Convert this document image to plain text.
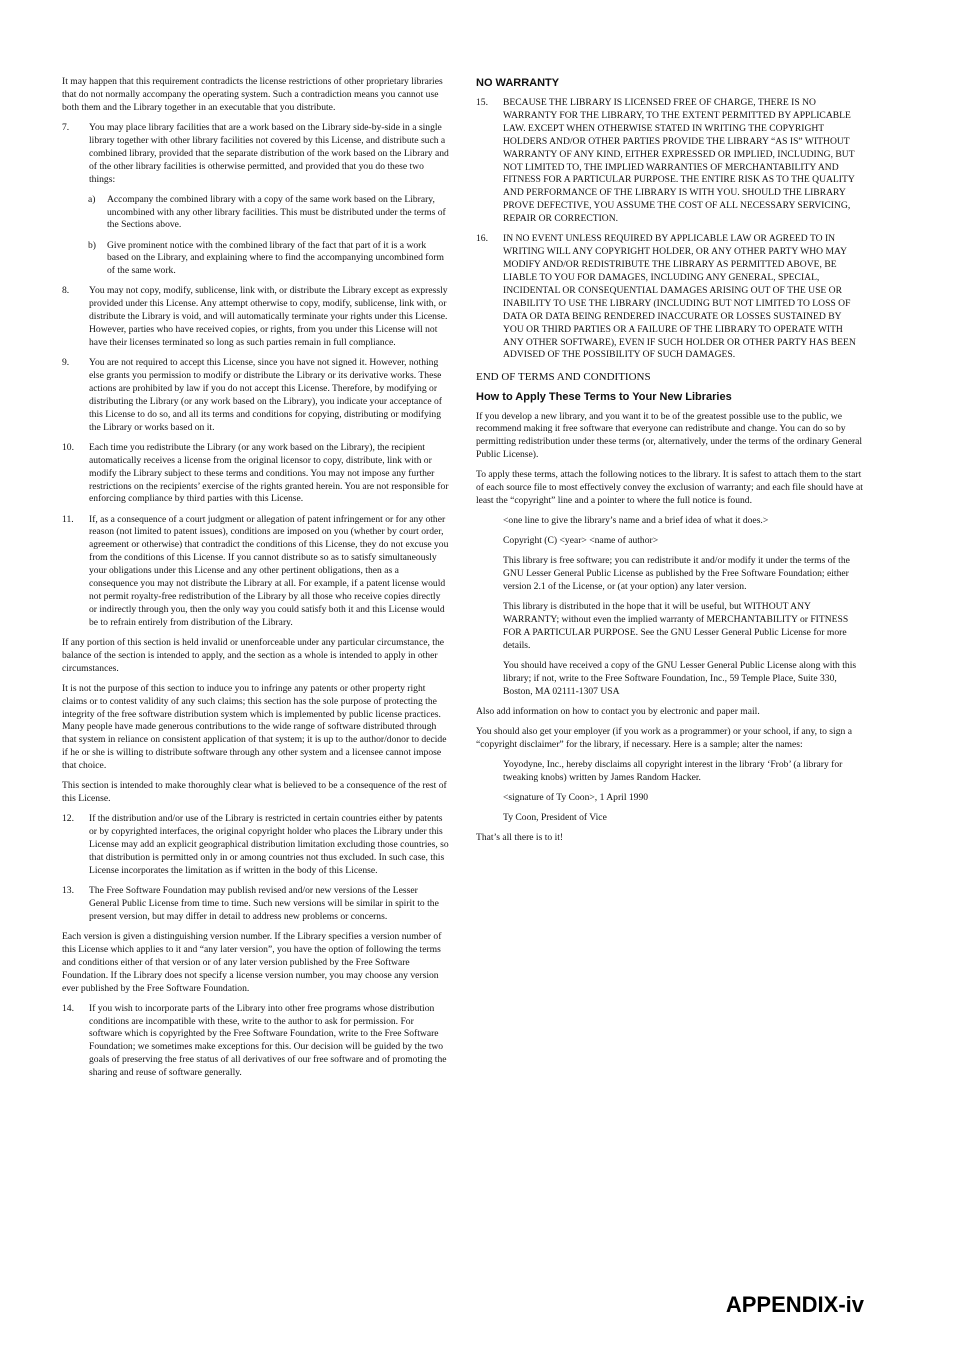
It may happen that this requirement contradicts the license restrictions of other proprietary libraries that do not normally accompany the operating system. Such a contradiction means you cannot use both them and the Library together in an executable that you distribute.

7.	You may place library facilities that are a work based on the Library side-by-side in a single library together with other library facilities not covered by this License, and distribute such a combined library, provided that the separate distribution of the work based on the Library and of the other library facilities is otherwise permitted, and provided that you do these two things:
a)	Accompany the combined library with a copy of the same work based on the Library, uncombined with any other library facilities. This must be distributed under the terms of the Sections above.
b)	Give prominent notice with the combined library of the fact that part of it is a work based on the Library, and explaining where to find the accompanying uncombined form of the same work.
8.	You may not copy, modify, sublicense, link with, or distribute the Library except as expressly provided under this License. Any attempt otherwise to copy, modify, sublicense, link with, or distribute the Library is void, and will automatically terminate your rights under this License. However, parties who have received copies, or rights, from you under this License will not have their licenses terminated so long as such parties remain in full compliance.
9.	You are not required to accept this License, since you have not signed it. However, nothing else grants you permission to modify or distribute the Library or its derivative works. These actions are prohibited by law if you do not accept this License. Therefore, by modifying or distributing the Library (or any work based on the Library), you indicate your acceptance of this License to do so, and all its terms and conditions for copying, distributing or modifying the Library or works based on it.
10.	Each time you redistribute the Library (or any work based on the Library), the recipient automatically receives a license from the original licensor to copy, distribute, link with or modify the Library subject to these terms and conditions. You may not impose any further restrictions on the recipients’ exercise of the rights granted herein. You are not responsible for enforcing compliance by third parties with this License.
11.	If, as a consequence of a court judgment or allegation of patent infringement or for any other reason (not limited to patent issues), conditions are imposed on you (whether by court order, agreement or otherwise) that contradict the conditions of this License, they do not excuse you from the conditions of this License. If you cannot distribute so as to satisfy simultaneously your obligations under this License and any other pertinent obligations, then as a consequence you may not distribute the Library at all. For example, if a patent license would not permit royalty-free redistribution of the Library by all those who receive copies directly or indirectly through you, then the only way you could satisfy both it and this License would be to refrain entirely from distribution of the Library.

If any portion of this section is held invalid or unenforceable under any particular circumstance, the balance of the section is intended to apply, and the section as a whole is intended to apply in other circumstances.

It is not the purpose of this section to induce you to infringe any patents or other property right claims or to contest validity of any such claims; this section has the sole purpose of protecting the integrity of the free software distribution system which is implemented by public license practices. Many people have made generous contributions to the wide range of software distributed through that system in reliance on consistent application of that system; it is up to the author/donor to decide if he or she is willing to distribute software through any other system and a licensee cannot impose that choice.

This section is intended to make thoroughly clear what is believed to be a consequence of the rest of this License.

12.	If the distribution and/or use of the Library is restricted in certain countries either by patents or by copyrighted interfaces, the original copyright holder who places the Library under this License may add an explicit geographical distribution limitation excluding those countries, so that distribution is permitted only in or among countries not thus excluded. In such case, this License incorporates the limitation as if written in the body of this License.
13.	The Free Software Foundation may publish revised and/or new versions of the Lesser General Public License from time to time. Such new versions will be similar in spirit to the present version, but may differ in detail to address new problems or concerns.

Each version is given a distinguishing version number. If the Library specifies a version number of this License which applies to it and “any later version”, you have the option of following the terms and conditions either of that version or of any later version published by the Free Software Foundation. If the Library does not specify a license version number, you may choose any version ever published by the Free Software Foundation.

14.	If you wish to incorporate parts of the Library into other free programs whose distribution conditions are incompatible with these, write to the author to ask for permission. For software which is copyrighted by the Free Software Foundation, write to the Free Software Foundation; we sometimes make exceptions for this. Our decision will be guided by the two goals of preserving the free status of all derivatives of our free software and of promoting the sharing and reuse of software generally.
NO WARRANTY
15.	BECAUSE THE LIBRARY IS LICENSED FREE OF CHARGE, THERE IS NO WARRANTY FOR THE LIBRARY, TO THE EXTENT PERMITTED BY APPLICABLE LAW. EXCEPT WHEN OTHERWISE STATED IN WRITING THE COPYRIGHT HOLDERS AND/OR OTHER PARTIES PROVIDE THE LIBRARY “AS IS” WITHOUT WARRANTY OF ANY KIND, EITHER EXPRESSED OR IMPLIED, INCLUDING, BUT NOT LIMITED TO, THE IMPLIED WARRANTIES OF MERCHANTABILITY AND FITNESS FOR A PARTICULAR PURPOSE. THE ENTIRE RISK AS TO THE QUALITY AND PERFORMANCE OF THE LIBRARY IS WITH YOU. SHOULD THE LIBRARY PROVE DEFECTIVE, YOU ASSUME THE COST OF ALL NECESSARY SERVICING, REPAIR OR CORRECTION.
16.	IN NO EVENT UNLESS REQUIRED BY APPLICABLE LAW OR AGREED TO IN WRITING WILL ANY COPYRIGHT HOLDER, OR ANY OTHER PARTY WHO MAY MODIFY AND/OR REDISTRIBUTE THE LIBRARY AS PERMITTED ABOVE, BE LIABLE TO YOU FOR DAMAGES, INCLUDING ANY GENERAL, SPECIAL, INCIDENTAL OR CONSEQUENTIAL DAMAGES ARISING OUT OF THE USE OR INABILITY TO USE THE LIBRARY (INCLUDING BUT NOT LIMITED TO LOSS OF DATA OR DATA BEING RENDERED INACCURATE OR LOSSES SUSTAINED BY YOU OR THIRD PARTIES OR A FAILURE OF THE LIBRARY TO OPERATE WITH ANY OTHER SOFTWARE), EVEN IF SUCH HOLDER OR OTHER PARTY HAS BEEN ADVISED OF THE POSSIBILITY OF SUCH DAMAGES.
END OF TERMS AND CONDITIONS
How to Apply These Terms to Your New Libraries

If you develop a new library, and you want it to be of the greatest possible use to the public, we recommend making it free software that everyone can redistribute and change. You can do so by permitting redistribution under these terms (or, alternatively, under the terms of the ordinary General Public License).

To apply these terms, attach the following notices to the library. It is safest to attach them to the start of each source file to most effectively convey the exclusion of warranty; and each file should have at least the “copyright” line and a pointer to where the full notice is found.

<one line to give the library’s name and a brief idea of what it does.>

Copyright (C) <year> <name of author>

This library is free software; you can redistribute it and/or modify it under the terms of the GNU Lesser General Public License as published by the Free Software Foundation; either version 2.1 of the License, or (at your option) any later version.

This library is distributed in the hope that it will be useful, but WITHOUT ANY WARRANTY; without even the implied warranty of MERCHANTABILITY or FITNESS FOR A PARTICULAR PURPOSE. See the GNU Lesser General Public License for more details.

You should have received a copy of the GNU Lesser General Public License along with this library; if not, write to the Free Software Foundation, Inc., 59 Temple Place, Suite 330, Boston, MA 02111-1307 USA

Also add information on how to contact you by electronic and paper mail.

You should also get your employer (if you work as a programmer) or your school, if any, to sign a “copyright disclaimer” for the library, if necessary. Here is a sample; alter the names:

Yoyodyne, Inc., hereby disclaims all copyright interest in the library ‘Frob’ (a library for tweaking knobs) written by James Random Hacker.

<signature of Ty Coon>, 1 April 1990

Ty Coon, President of Vice

That’s all there is to it!

APPENDIX-iv
